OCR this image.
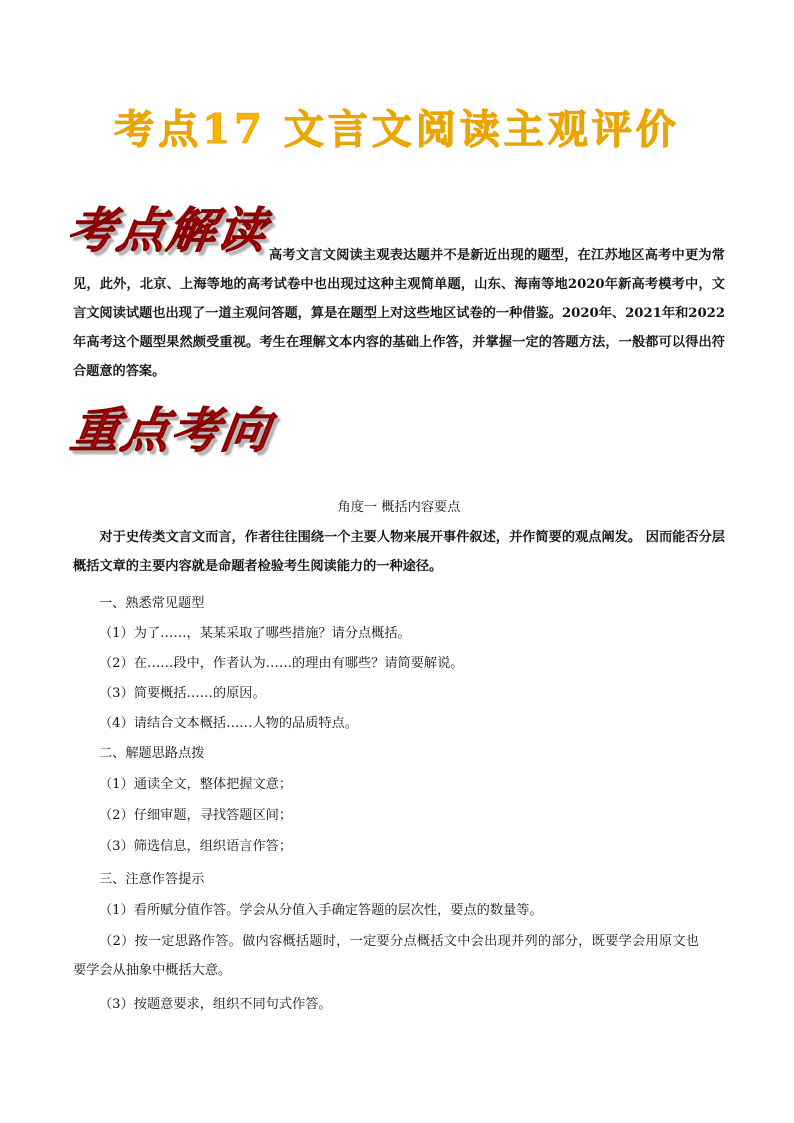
考点17 文言文阅读主观评价
考点解读
高考文言文阅读主观表达题并不是新近出现的题型，在江苏地区高考中更为常见，此外，北京、上海等地的高考试卷中也出现过这种主观简单题，山东、海南等地2020年新高考模考中，文言文阅读试题也出现了一道主观问答题，算是在题型上对这些地区试卷的一种借鉴。2020年、2021年和2022年高考这个题型果然颇受重视。考生在理解文本内容的基础上作答，并掌握一定的答题方法，一般都可以得出符合题意的答案。
重点考向
角度一 概括内容要点
对于史传类文言文而言，作者往往围绕一个主要人物来展开事件叙述，并作简要的观点阐发。 因而能否分层概括文章的主要内容就是命题者检验考生阅读能力的一种途径。
一、熟悉常见题型
（1）为了……，某某采取了哪些措施？请分点概括。
（2）在……段中，作者认为……的理由有哪些？请简要解说。
（3）简要概括……的原因。
（4）请结合文本概括……人物的品质特点。
二、解题思路点拨
（1）通读全文，整体把握文意；
（2）仔细审题，寻找答题区间；
（3）筛选信息，组织语言作答；
三、注意作答提示
（1）看所赋分值作答。学会从分值入手确定答题的层次性，要点的数量等。
（2）按一定思路作答。做内容概括题时，一定要分点概括文中会出现并列的部分，既要学会用原文也要学会从抽象中概括大意。
（3）按题意要求，组织不同句式作答。
